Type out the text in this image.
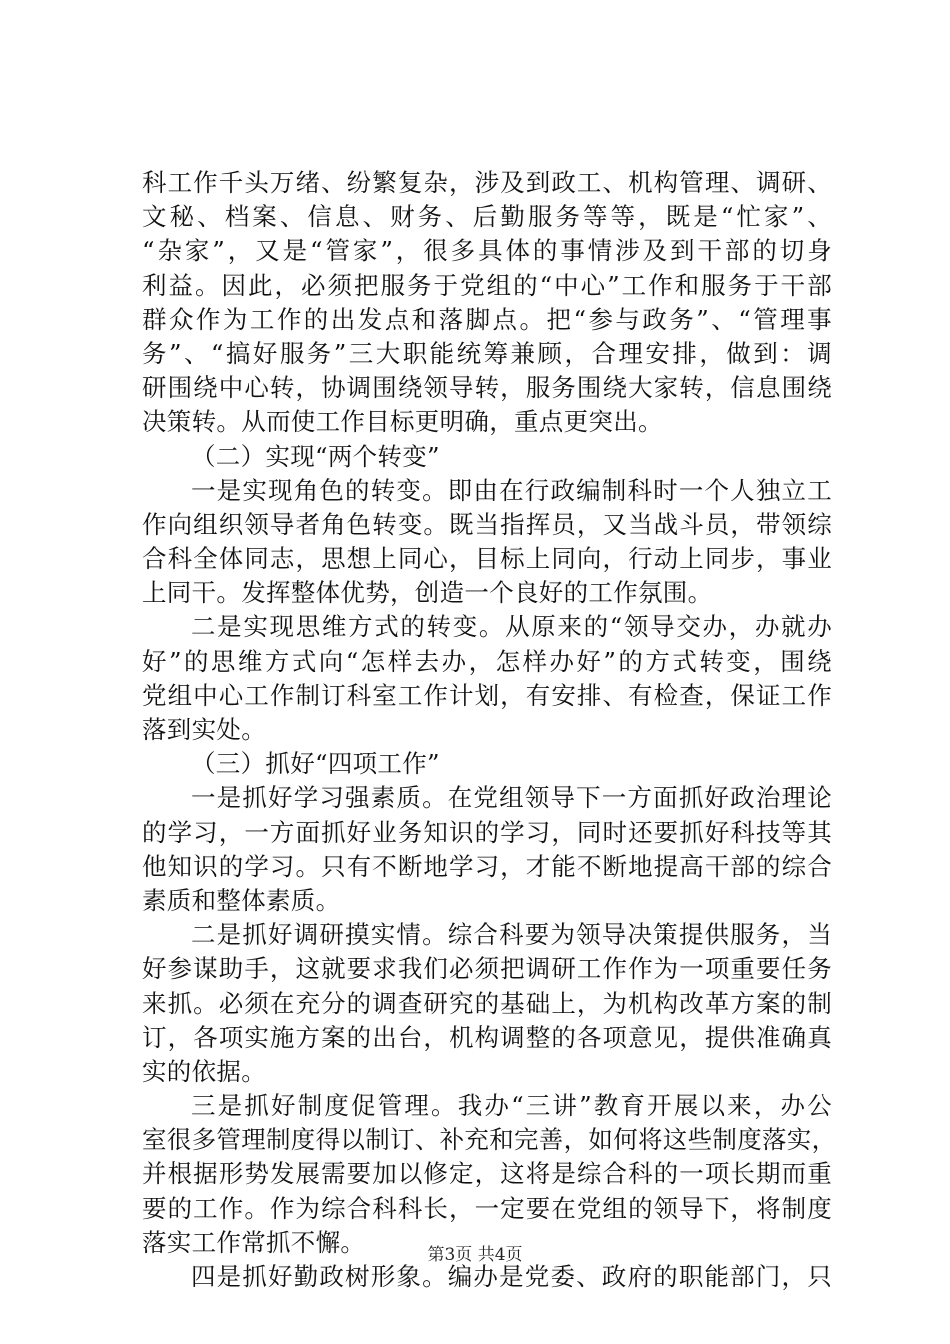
科工作千头万绪、纷繁复杂，涉及到政工、机构管理、调研、
文秘、档案、信息、财务、后勤服务等等，既是“忙家”、
“杂家”，又是“管家”，很多具体的事情涉及到干部的切身
利益。因此，必须把服务于党组的“中心”工作和服务于干部
群众作为工作的出发点和落脚点。把“参与政务”、“管理事
务”、“搞好服务”三大职能统筹兼顾，合理安排，做到：调
研围绕中心转，协调围绕领导转，服务围绕大家转，信息围绕
决策转。从而使工作目标更明确，重点更突出。
（二）实现“两个转变”
一是实现角色的转变。即由在行政编制科时一个人独立工
作向组织领导者角色转变。既当指挥员，又当战斗员，带领综
合科全体同志，思想上同心，目标上同向，行动上同步，事业
上同干。发挥整体优势，创造一个良好的工作氛围。
二是实现思维方式的转变。从原来的“领导交办，办就办
好”的思维方式向“怎样去办，怎样办好”的方式转变，围绕
党组中心工作制订科室工作计划，有安排、有检查，保证工作
落到实处。
（三）抓好“四项工作”
一是抓好学习强素质。在党组领导下一方面抓好政治理论
的学习，一方面抓好业务知识的学习，同时还要抓好科技等其
他知识的学习。只有不断地学习，才能不断地提高干部的综合
素质和整体素质。
二是抓好调研摸实情。综合科要为领导决策提供服务，当
好参谋助手，这就要求我们必须把调研工作作为一项重要任务
来抓。必须在充分的调查研究的基础上，为机构改革方案的制
订，各项实施方案的出台，机构调整的各项意见，提供准确真
实的依据。
三是抓好制度促管理。我办“三讲”教育开展以来，办公
室很多管理制度得以制订、补充和完善，如何将这些制度落实，
并根据形势发展需要加以修定，这将是综合科的一项长期而重
要的工作。作为综合科科长，一定要在党组的领导下，将制度
落实工作常抓不懈。
四是抓好勤政树形象。编办是党委、政府的职能部门，只
第3页 共4页
